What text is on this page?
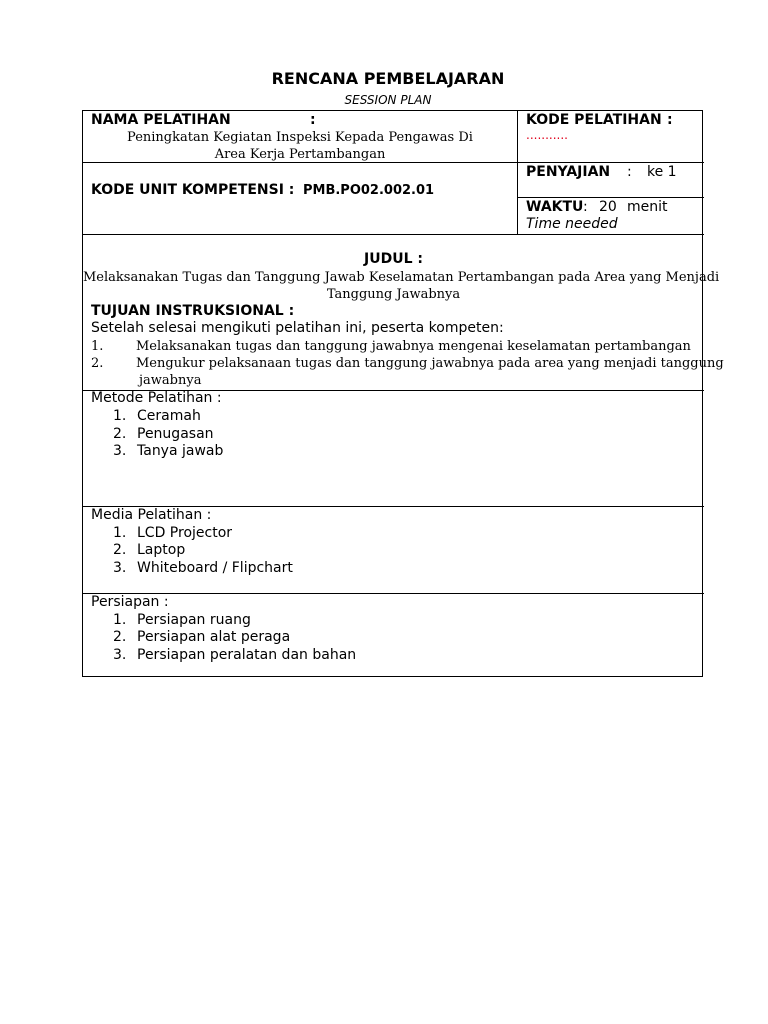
RENCANA PEMBELAJARAN
SESSION PLAN
NAMA PELATIHAN	:
Peningkatan Kegiatan Inspeksi Kepada Pengawas Di
Area Kerja Pertambangan
KODE PELATIHAN :
...........
KODE UNIT KOMPETENSI : PMB.PO02.002.01
PENYAJIAN : ke 1
WAKTU : 20 menit
Time needed
JUDUL :
Melaksanakan Tugas dan Tanggung Jawab Keselamatan Pertambangan pada Area yang Menjadi
Tanggung Jawabnya
TUJUAN INSTRUKSIONAL :
Setelah selesai mengikuti pelatihan ini, peserta kompeten:
1.	Melaksanakan tugas dan tanggung jawabnya mengenai keselamatan pertambangan
2.	Mengukur pelaksanaan tugas dan tanggung jawabnya pada area yang menjadi tanggung
jawabnya
Metode Pelatihan :
1. Ceramah
2. Penugasan
3. Tanya jawab
Media Pelatihan :
1. LCD Projector
2. Laptop
3. Whiteboard / Flipchart
Persiapan :
1. Persiapan ruang
2. Persiapan alat peraga
3. Persiapan peralatan dan bahan
